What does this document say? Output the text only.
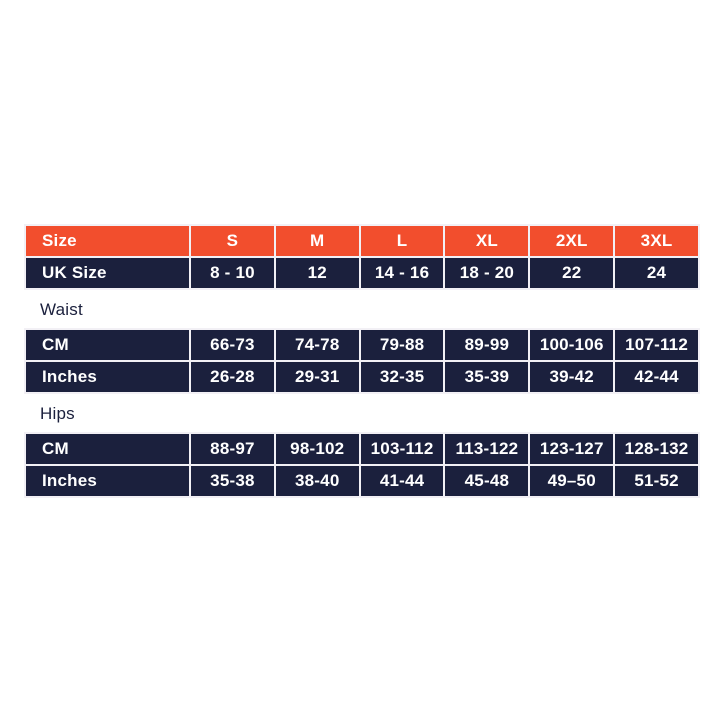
Size	S	M	L	XL	2XL	3XL
UK Size	8 - 10	12	14 - 16	18 - 20	22	24
Waist
CM	66-73	74-78	79-88	89-99	100-106	107-112
Inches	26-28	29-31	32-35	35-39	39-42	42-44
Hips
CM	88-97	98-102	103-112	113-122	123-127	128-132
Inches	35-38	38-40	41-44	45-48	49–50	51-52
